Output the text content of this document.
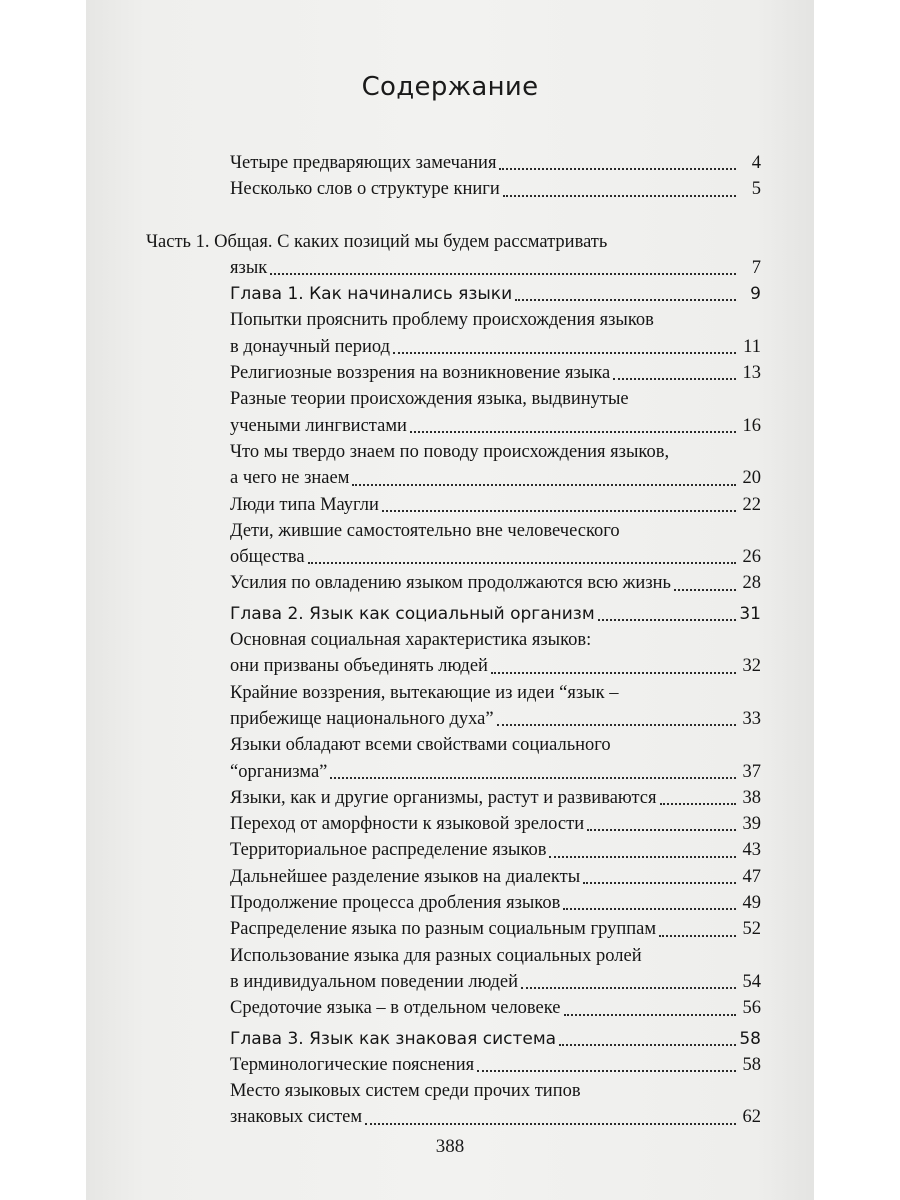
Содержание
Четыре предваряющих замечания	4
Несколько слов о структуре книги	5
Часть 1. Общая. С каких позиций мы будем рассматривать
язык	7
Глава 1. Как начинались языки	9
Попытки прояснить проблему происхождения языков
в донаучный период	11
Религиозные воззрения на возникновение языка	13
Разные теории происхождения языка, выдвинутые
учеными лингвистами	16
Что мы твердо знаем по поводу происхождения языков,
а чего не знаем	20
Люди типа Маугли	22
Дети, жившие самостоятельно вне человеческого
общества	26
Усилия по овладению языком продолжаются всю жизнь	28
Глава 2. Язык как социальный организм	31
Основная социальная характеристика языков:
они призваны объединять людей	32
Крайние воззрения, вытекающие из идеи “язык –
прибежище национального духа”	33
Языки обладают всеми свойствами социального
“организма”	37
Языки, как и другие организмы, растут и развиваются	38
Переход от аморфности к языковой зрелости	39
Территориальное распределение языков	43
Дальнейшее разделение языков на диалекты	47
Продолжение процесса дробления языков	49
Распределение языка по разным социальным группам	52
Использование языка для разных социальных ролей
в индивидуальном поведении людей	54
Средоточие языка – в отдельном человеке	56
Глава 3. Язык как знаковая система	58
Терминологические пояснения	58
Место языковых систем среди прочих типов
знаковых систем	62
388
